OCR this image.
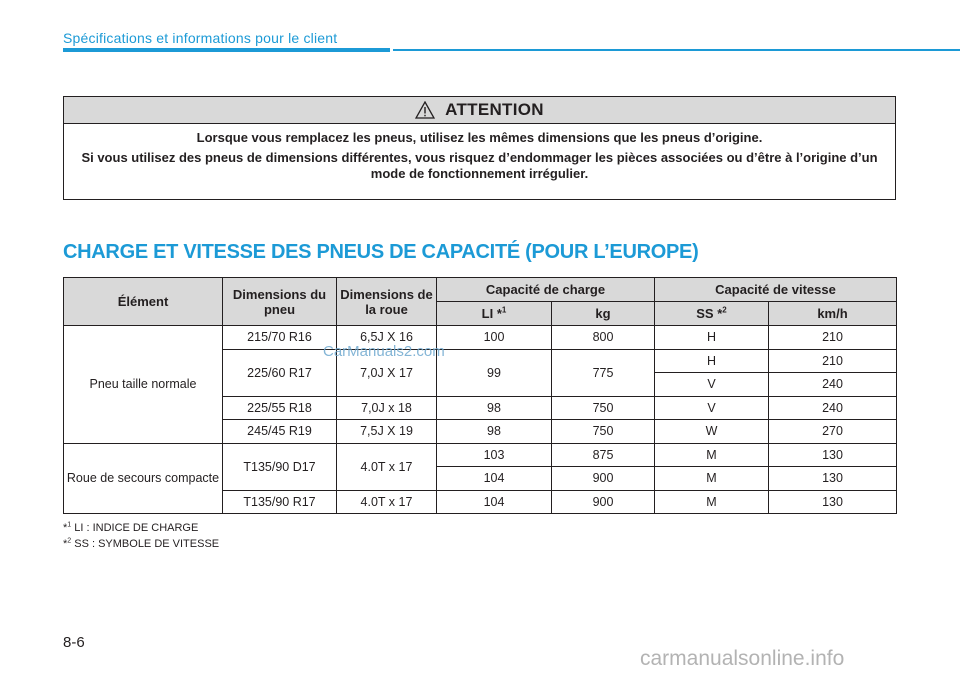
Spécifications et informations pour le client
ATTENTION

Lorsque vous remplacez les pneus, utilisez les mêmes dimensions que les pneus d’origine.

Si vous utilisez des pneus de dimensions différentes, vous risquez d’endommager les pièces associées ou d’être à l’origine d’un mode de fonctionnement irrégulier.

CHARGE ET VITESSE DES PNEUS DE CAPACITÉ (POUR L’EUROPE)
Élément	Dimensions du pneu	Dimensions de la roue	Capacité de charge		Capacité de vitesse	
			LI *$^1$	kg	SS *$^2$	km/h
Pneu taille normale	215/70 R16	6,5J X 16	100	800	H	210
	225/60 R17	7,0J X 17	99	775	H	210
					V	240
	225/55 R18	7,0J x 18	98	750	V	240
	245/45 R19	7,5J X 19	98	750	W	270
Roue de secours compacte	T135/90 D17	4.0T x 17	103	875	M	130
			104	900	M	130
	T135/90 R17	4.0T x 17	104	900	M	130
*$^1$ LI : INDICE DE CHARGE
*$^2$ SS : SYMBOLE DE VITESSE
CarManuals2.com
8-6
carmanualsonline.info
